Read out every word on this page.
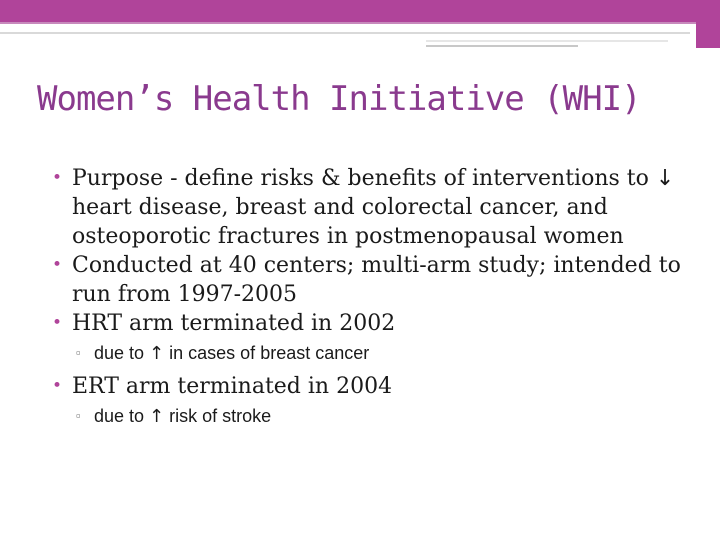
Women’s Health Initiative (WHI)
• Purpose - define risks & benefits of interventions to ↓ heart disease, breast and colorectal cancer, and osteoporotic fractures in postmenopausal women
• Conducted at 40 centers; multi-arm study; intended to run from 1997-2005
• HRT arm terminated in 2002
▫ due to ↑ in cases of breast cancer
• ERT arm terminated in 2004
▫ due to ↑ risk of stroke
